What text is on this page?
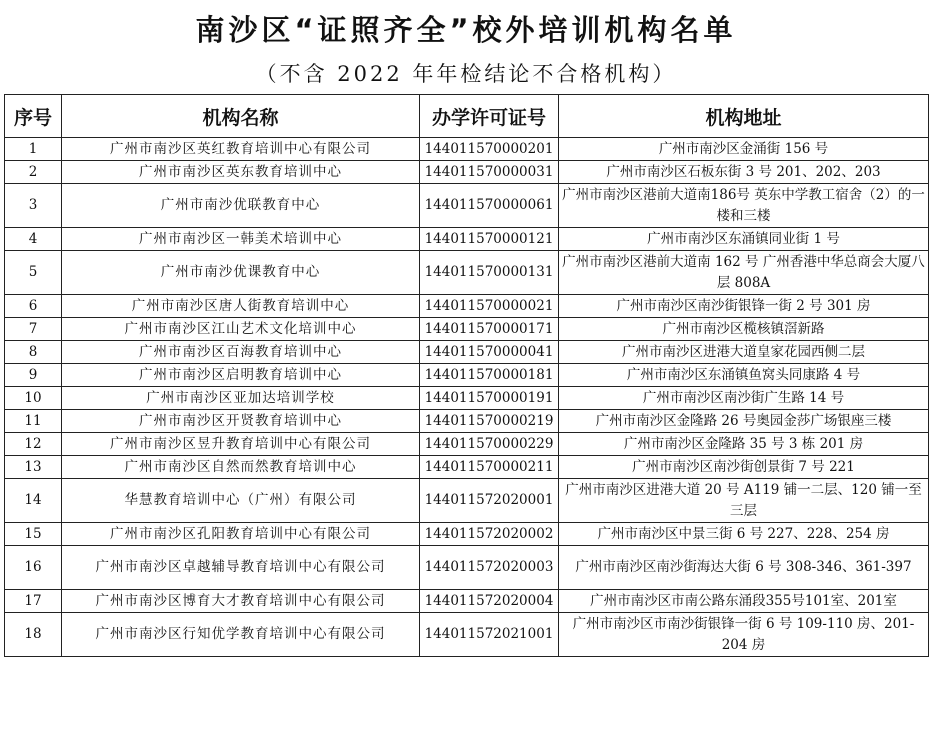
南沙区“证照齐全”校外培训机构名单
（不含 2022 年年检结论不合格机构）
序号	机构名称	办学许可证号	机构地址
1	广州市南沙区英红教育培训中心有限公司	144011570000201	广州市南沙区金涌街 156 号
2	广州市南沙区英东教育培训中心	144011570000031	广州市南沙区石板东街 3 号 201、202、203
3	广州市南沙优联教育中心	144011570000061	广州市南沙区港前大道南186号 英东中学教工宿舍（2）的一楼和三楼
4	广州市南沙区一韩美术培训中心	144011570000121	广州市南沙区东涌镇同业街 1 号
5	广州市南沙优课教育中心	144011570000131	广州市南沙区港前大道南 162 号 广州香港中华总商会大厦八层 808A
6	广州市南沙区唐人街教育培训中心	144011570000021	广州市南沙区南沙街银锋一街 2 号 301 房
7	广州市南沙区江山艺术文化培训中心	144011570000171	广州市南沙区榄核镇滘新路
8	广州市南沙区百海教育培训中心	144011570000041	广州市南沙区进港大道皇家花园西侧二层
9	广州市南沙区启明教育培训中心	144011570000181	广州市南沙区东涌镇鱼窝头同康路 4 号
10	广州市南沙区亚加达培训学校	144011570000191	广州市南沙区南沙街广生路 14 号
11	广州市南沙区开贤教育培训中心	144011570000219	广州市南沙区金隆路 26 号奥园金莎广场银座三楼
12	广州市南沙区昱升教育培训中心有限公司	144011570000229	广州市南沙区金隆路 35 号 3 栋 201 房
13	广州市南沙区自然而然教育培训中心	144011570000211	广州市南沙区南沙街创景街 7 号 221
14	华慧教育培训中心（广州）有限公司	144011572020001	广州市南沙区进港大道 20 号 A119 铺一二层、120 铺一至三层
15	广州市南沙区孔阳教育培训中心有限公司	144011572020002	广州市南沙区中景三街 6 号 227、228、254 房
16	广州市南沙区卓越辅导教育培训中心有限公司	144011572020003	广州市南沙区南沙街海达大街 6 号 308-346、361-397
17	广州市南沙区博育大才教育培训中心有限公司	144011572020004	广州市南沙区市南公路东涌段355号101室、201室
18	广州市南沙区行知优学教育培训中心有限公司	144011572021001	广州市南沙区市南沙街银锋一街 6 号 109-110 房、201-204 房
